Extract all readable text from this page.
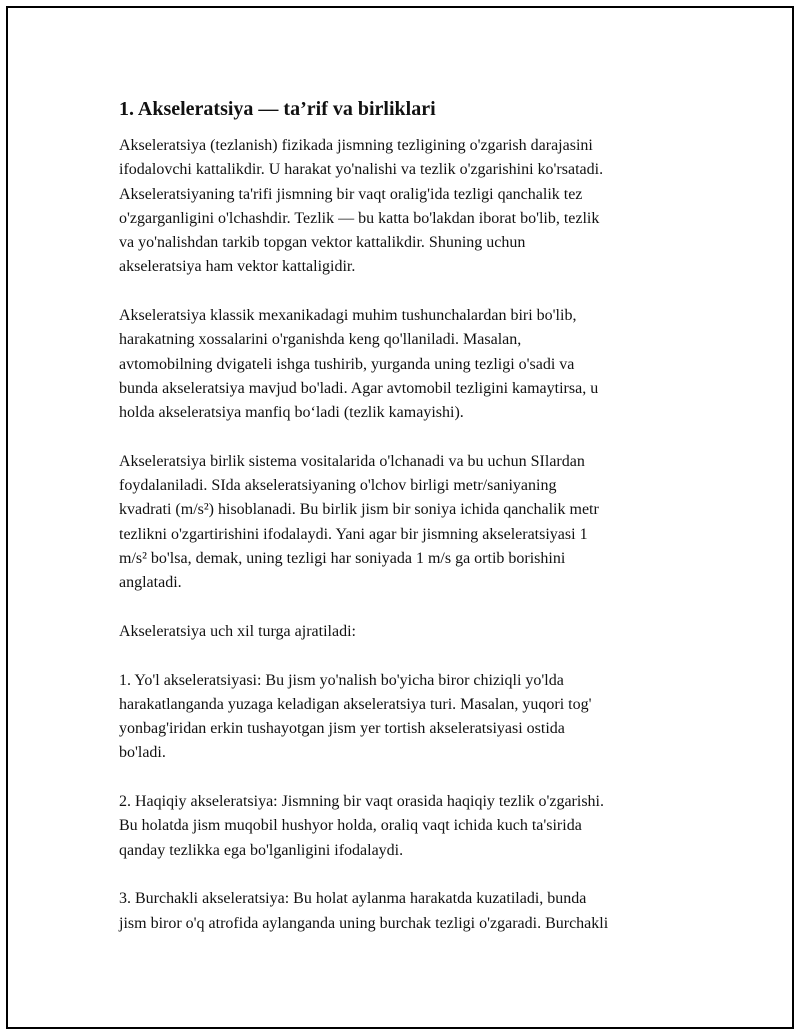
1. Akseleratsiya — ta’rif va birliklari

Akseleratsiya (tezlanish) fizikada jismning tezligining o'zgarish darajasini
ifodalovchi kattalikdir. U harakat yo'nalishi va tezlik o'zgarishini ko'rsatadi.
Akseleratsiyaning ta'rifi jismning bir vaqt oralig'ida tezligi qanchalik tez
o'zgarganligini o'lchashdir. Tezlik — bu katta bo'lakdan iborat bo'lib, tezlik
va yo'nalishdan tarkib topgan vektor kattalikdir. Shuning uchun
akseleratsiya ham vektor kattaligidir.

Akseleratsiya klassik mexanikadagi muhim tushunchalardan biri bo'lib,
harakatning xossalarini o'rganishda keng qo'llaniladi. Masalan,
avtomobilning dvigateli ishga tushirib, yurganda uning tezligi o'sadi va
bunda akseleratsiya mavjud bo'ladi. Agar avtomobil tezligini kamaytirsa, u
holda akseleratsiya manfiq bo‘ladi (tezlik kamayishi).

Akseleratsiya birlik sistema vositalarida o'lchanadi va bu uchun SIlardan
foydalaniladi. SIda akseleratsiyaning o'lchov birligi metr/saniyaning
kvadrati (m/s²) hisoblanadi. Bu birlik jism bir soniya ichida qanchalik metr
tezlikni o'zgartirishini ifodalaydi. Yani agar bir jismning akseleratsiyasi 1
m/s² bo'lsa, demak, uning tezligi har soniyada 1 m/s ga ortib borishini
anglatadi.

Akseleratsiya uch xil turga ajratiladi:

1. Yo'l akseleratsiyasi: Bu jism yo'nalish bo'yicha biror chiziqli yo'lda
harakatlanganda yuzaga keladigan akseleratsiya turi. Masalan, yuqori tog'
yonbag'iridan erkin tushayotgan jism yer tortish akseleratsiyasi ostida
bo'ladi.

2. Haqiqiy akseleratsiya: Jismning bir vaqt orasida haqiqiy tezlik o'zgarishi.
Bu holatda jism muqobil hushyor holda, oraliq vaqt ichida kuch ta'sirida
qanday tezlikka ega bo'lganligini ifodalaydi.

3. Burchakli akseleratsiya: Bu holat aylanma harakatda kuzatiladi, bunda
jism biror o'q atrofida aylanganda uning burchak tezligi o'zgaradi. Burchakli
